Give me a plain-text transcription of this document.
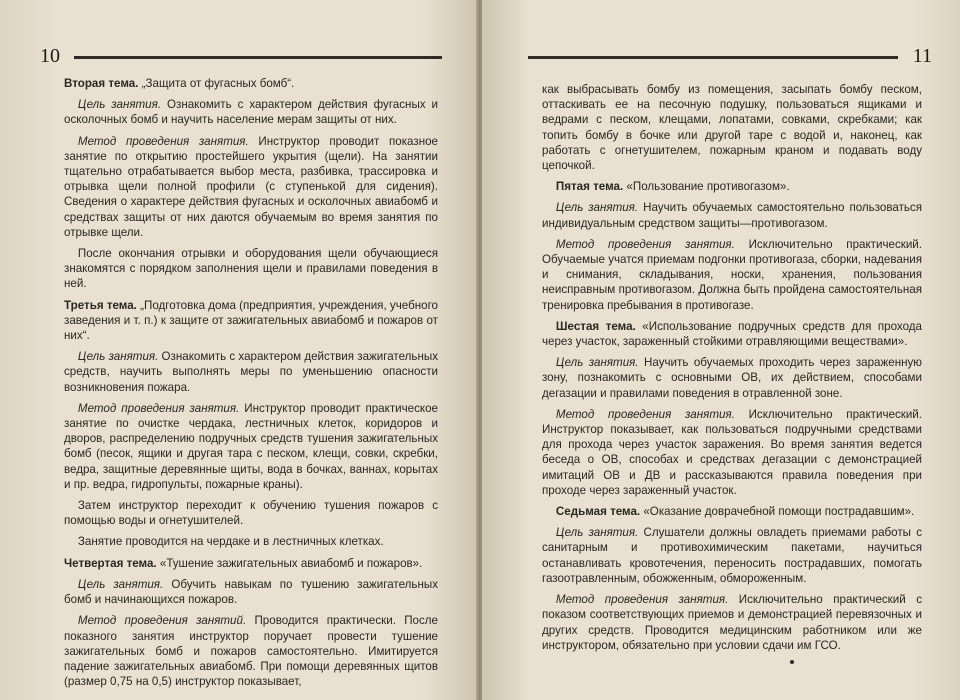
10

Вторая тема. „Защита от фугасных бомб“.

Цель занятия. Ознакомить с характером действия фугасных и осколочных бомб и научить население мерам защиты от них.

Метод проведения занятия. Инструктор проводит показное занятие по открытию простейшего укрытия (щели). На занятии тщательно отрабатывается выбор места, разбивка, трассировка и отрывка щели полной профили (с ступенькой для сидения). Сведения о характере действия фугасных и осколочных авиабомб и средствах защиты от них даются обучаемым во время занятия по отрывке щели.

После окончания отрывки и оборудования щели обучающиеся знакомятся с порядком заполнения щели и правилами поведения в ней.

Третья тема. „Подготовка дома (предприятия, учреждения, учебного заведения и т. п.) к защите от зажигательных авиабомб и пожаров от них“.

Цель занятия. Ознакомить с характером действия зажигательных средств, научить выполнять меры по уменьшению опасности возникновения пожара.

Метод проведения занятия. Инструктор проводит практическое занятие по очистке чердака, лестничных клеток, коридоров и дворов, распределению подручных средств тушения зажигательных бомб (песок, ящики и другая тара с песком, клещи, совки, скребки, ведра, защитные деревянные щиты, вода в бочках, ваннах, корытах и пр. ведра, гидропульты, пожарные краны).

Затем инструктор переходит к обучению тушения пожаров с помощью воды и огнетушителей.

Занятие проводится на чердаке и в лестничных клетках.

Четвертая тема. «Тушение зажигательных авиабомб и пожаров».

Цель занятия. Обучить навыкам по тушению зажигательных бомб и начинающихся пожаров.

Метод проведения занятий. Проводится практически. После показного занятия инструктор поручает провести тушение зажигательных бомб и пожаров самостоятельно. Имитируется падение зажигательных авиабомб. При помощи деревянных щитов (размер 0,75 на 0,5) инструктор показывает,

11

как выбрасывать бомбу из помещения, засыпать бомбу песком, оттаскивать ее на песочную подушку, пользоваться ящиками и ведрами с песком, клещами, лопатами, совками, скребками; как топить бомбу в бочке или другой таре с водой и, наконец, как работать с огнетушителем, пожарным краном и подавать воду цепочкой.

Пятая тема. «Пользование противогазом».

Цель занятия. Научить обучаемых самостоятельно пользоваться индивидуальным средством защиты—противогазом.

Метод проведения занятия. Исключительно практический. Обучаемые учатся приемам подгонки противогаза, сборки, надевания и снимания, складывания, носки, хранения, пользования неисправным противогазом. Должна быть пройдена самостоятельная тренировка пребывания в противогазе.

Шестая тема. «Использование подручных средств для прохода через участок, зараженный стойкими отравляющими веществами».

Цель занятия. Научить обучаемых проходить через зараженную зону, познакомить с основными ОВ, их действием, способами дегазации и правилами поведения в отравленной зоне.

Метод проведения занятия. Исключительно практический. Инструктор показывает, как пользоваться подручными средствами для прохода через участок заражения. Во время занятия ведется беседа о ОВ, способах и средствах дегазации с демонстрацией имитаций ОВ и ДВ и рассказываются правила поведения при проходе через зараженный участок.

Седьмая тема. «Оказание доврачебной помощи пострадавшим».

Цель занятия. Слушатели должны овладеть приемами работы с санитарным и противохимическим пакетами, научиться останавливать кровотечения, переносить пострадавших, помогать газоотравленным, обожженным, обмороженным.

Метод проведения занятия. Исключительно практический с показом соответствующих приемов и демонстрацией перевязочных и других средств. Проводится медицинским работником или же инструктором, обязательно при условии сдачи им ГСО.
